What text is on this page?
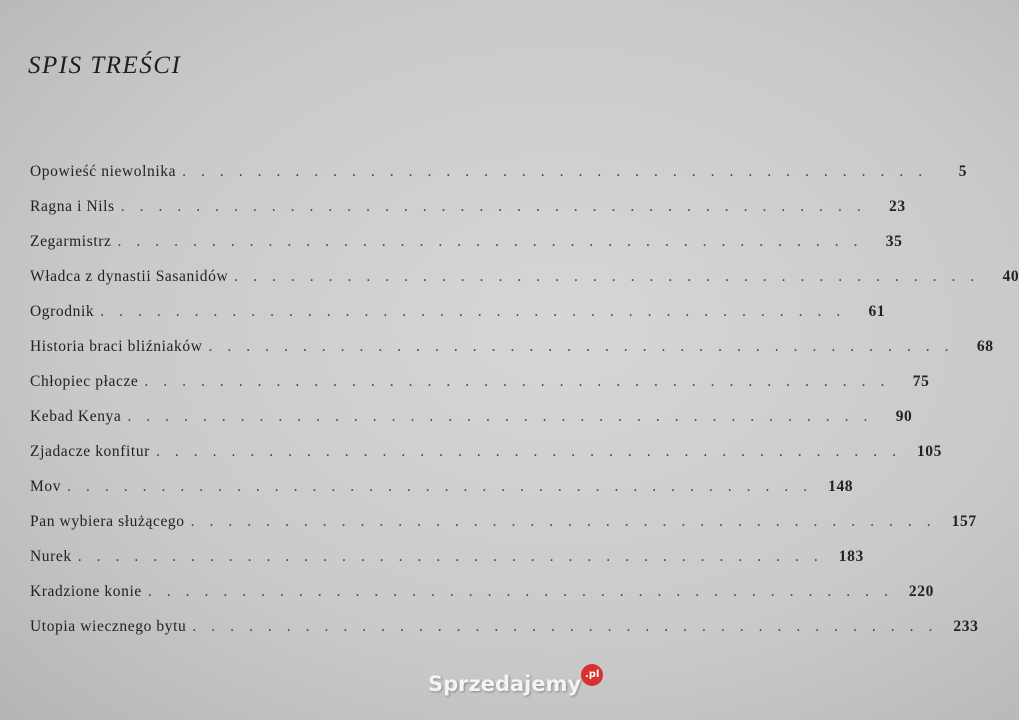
SPIS TREŚCI
Opowieść niewolnika ........................................	5
Ragna i Nils ........................................ 23
Zegarmistrz ........................................ 35
Władca z dynastii Sasanidów ........................................ 40
Ogrodnik ........................................ 61
Historia braci bliźniaków ........................................ 68
Chłopiec płacze ........................................ 75
Kebad Kenya ........................................ 90
Zjadacze konfitur ........................................ 105
Mov ........................................ 148
Pan wybiera służącego ........................................ 157
Nurek ........................................ 183
Kradzione konie ........................................ 220
Utopia wiecznego bytu ........................................ 233
Sprzedajemy .pl
